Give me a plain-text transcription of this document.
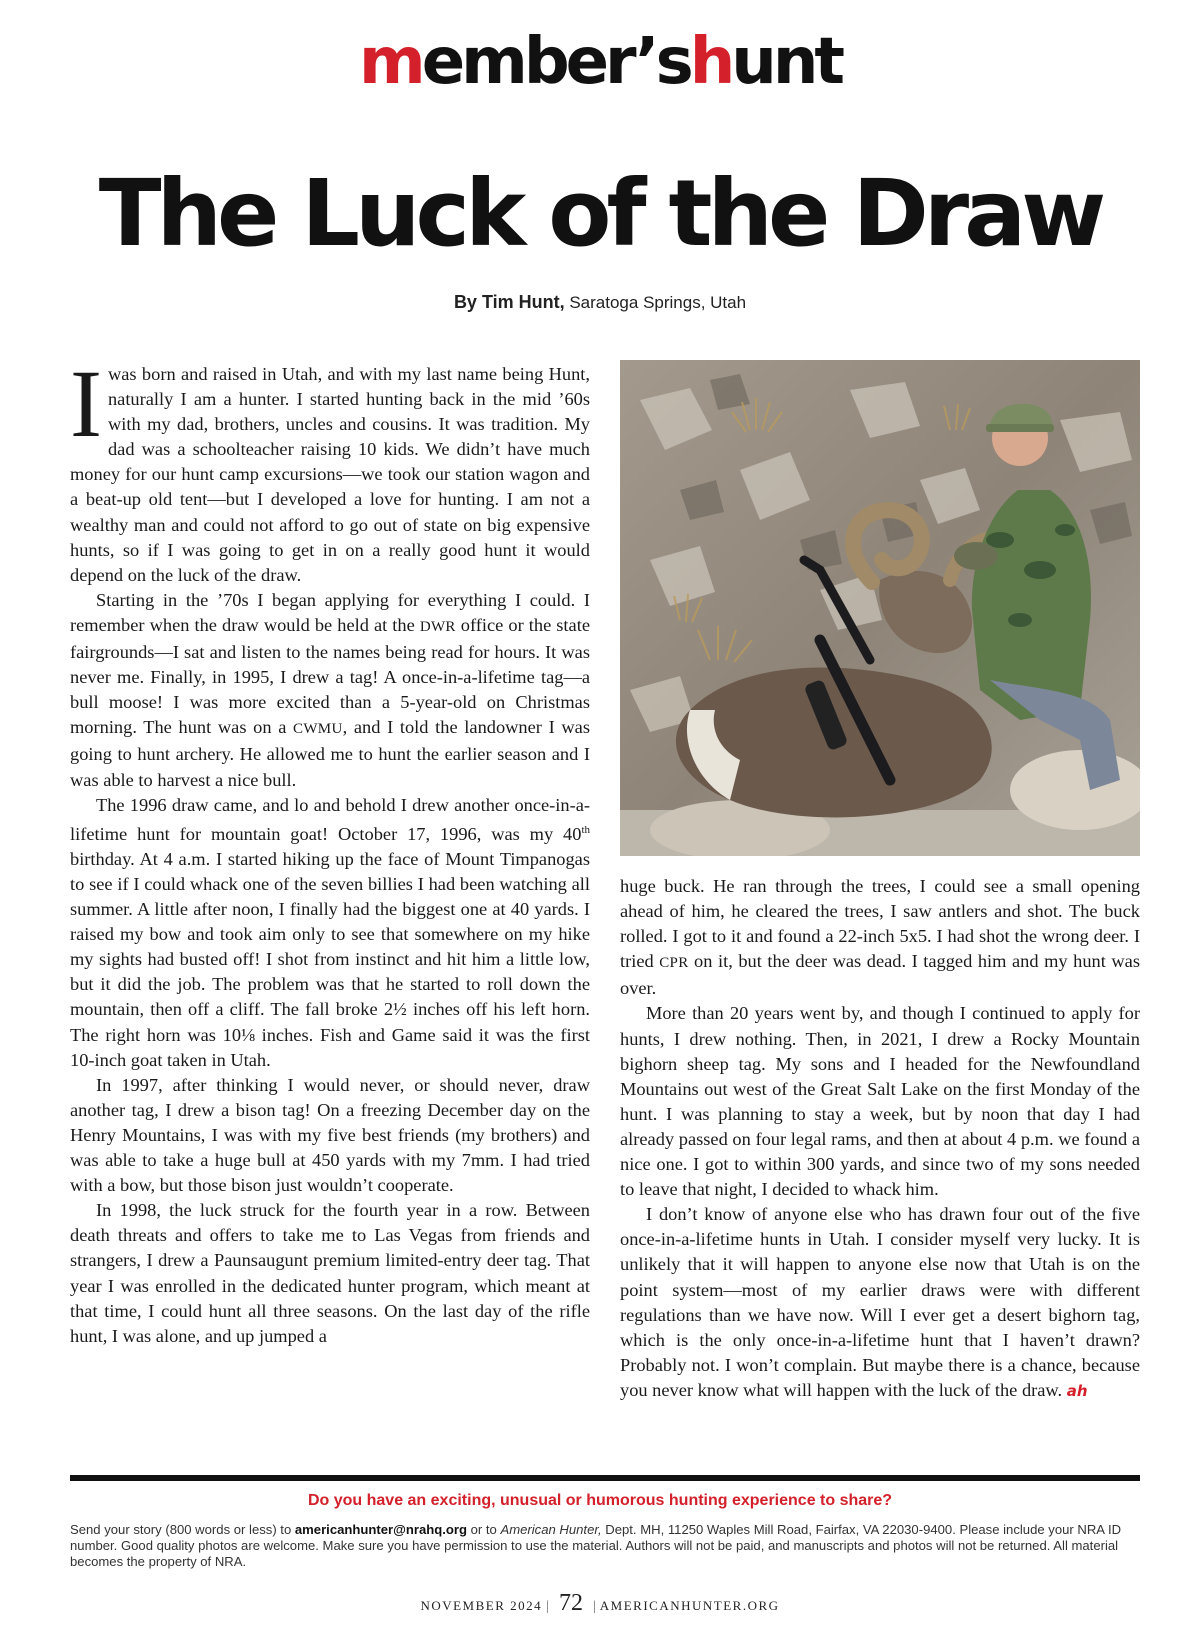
member’shunt
The Luck of the Draw
By Tim Hunt, Saratoga Springs, Utah

I was born and raised in Utah, and with my last name being Hunt, naturally I am a hunter. I started hunting back in the mid ’60s with my dad, brothers, uncles and cousins. It was tradition. My dad was a schoolteacher raising 10 kids. We didn’t have much money for our hunt camp excursions—we took our station wagon and a beat-up old tent—but I developed a love for hunting. I am not a wealthy man and could not afford to go out of state on big expensive hunts, so if I was going to get in on a really good hunt it would depend on the luck of the draw.

Starting in the ’70s I began applying for everything I could. I remember when the draw would be held at the DWR office or the state fairgrounds—I sat and listen to the names being read for hours. It was never me. Finally, in 1995, I drew a tag! A once-in-a-lifetime tag—a bull moose! I was more excited than a 5-year-old on Christmas morning. The hunt was on a CWMU, and I told the landowner I was going to hunt archery. He allowed me to hunt the earlier season and I was able to harvest a nice bull.

The 1996 draw came, and lo and behold I drew another once-in-a-lifetime hunt for mountain goat! October 17, 1996, was my 40th birthday. At 4 a.m. I started hiking up the face of Mount Timpanogas to see if I could whack one of the seven billies I had been watching all summer. A little after noon, I finally had the biggest one at 40 yards. I raised my bow and took aim only to see that somewhere on my hike my sights had busted off! I shot from instinct and hit him a little low, but it did the job. The problem was that he started to roll down the mountain, then off a cliff. The fall broke 2½ inches off his left horn. The right horn was 10⅛ inches. Fish and Game said it was the first 10-inch goat taken in Utah.

In 1997, after thinking I would never, or should never, draw another tag, I drew a bison tag! On a freezing December day on the Henry Mountains, I was with my five best friends (my brothers) and was able to take a huge bull at 450 yards with my 7mm. I had tried with a bow, but those bison just wouldn’t cooperate.

In 1998, the luck struck for the fourth year in a row. Between death threats and offers to take me to Las Vegas from friends and strangers, I drew a Paunsaugunt premium limited-entry deer tag. That year I was enrolled in the dedicated hunter program, which meant at that time, I could hunt all three seasons. On the last day of the rifle hunt, I was alone, and up jumped a

huge buck. He ran through the trees, I could see a small opening ahead of him, he cleared the trees, I saw antlers and shot. The buck rolled. I got to it and found a 22-inch 5x5. I had shot the wrong deer. I tried CPR on it, but the deer was dead. I tagged him and my hunt was over.

More than 20 years went by, and though I continued to apply for hunts, I drew nothing. Then, in 2021, I drew a Rocky Mountain bighorn sheep tag. My sons and I headed for the Newfoundland Mountains out west of the Great Salt Lake on the first Monday of the hunt. I was planning to stay a week, but by noon that day I had already passed on four legal rams, and then at about 4 p.m. we found a nice one. I got to within 300 yards, and since two of my sons needed to leave that night, I decided to whack him.

I don’t know of anyone else who has drawn four out of the five once-in-a-lifetime hunts in Utah. I consider myself very lucky. It is unlikely that it will happen to anyone else now that Utah is on the point system—most of my earlier draws were with different regulations than we have now. Will I ever get a desert bighorn tag, which is the only once-in-a-lifetime hunt that I haven’t drawn? Probably not. I won’t complain. But maybe there is a chance, because you never know what will happen with the luck of the draw. ah

Do you have an exciting, unusual or humorous hunting experience to share?
Send your story (800 words or less) to americanhunter@nrahq.org or to American Hunter, Dept. MH, 11250 Waples Mill Road, Fairfax, VA 22030-9400. Please include your NRA ID number. Good quality photos are welcome. Make sure you have permission to use the material. Authors will not be paid, and manuscripts and photos will not be returned. All material becomes the property of NRA.
NOVEMBER 2024 | 72 | AMERICANHUNTER.ORG
